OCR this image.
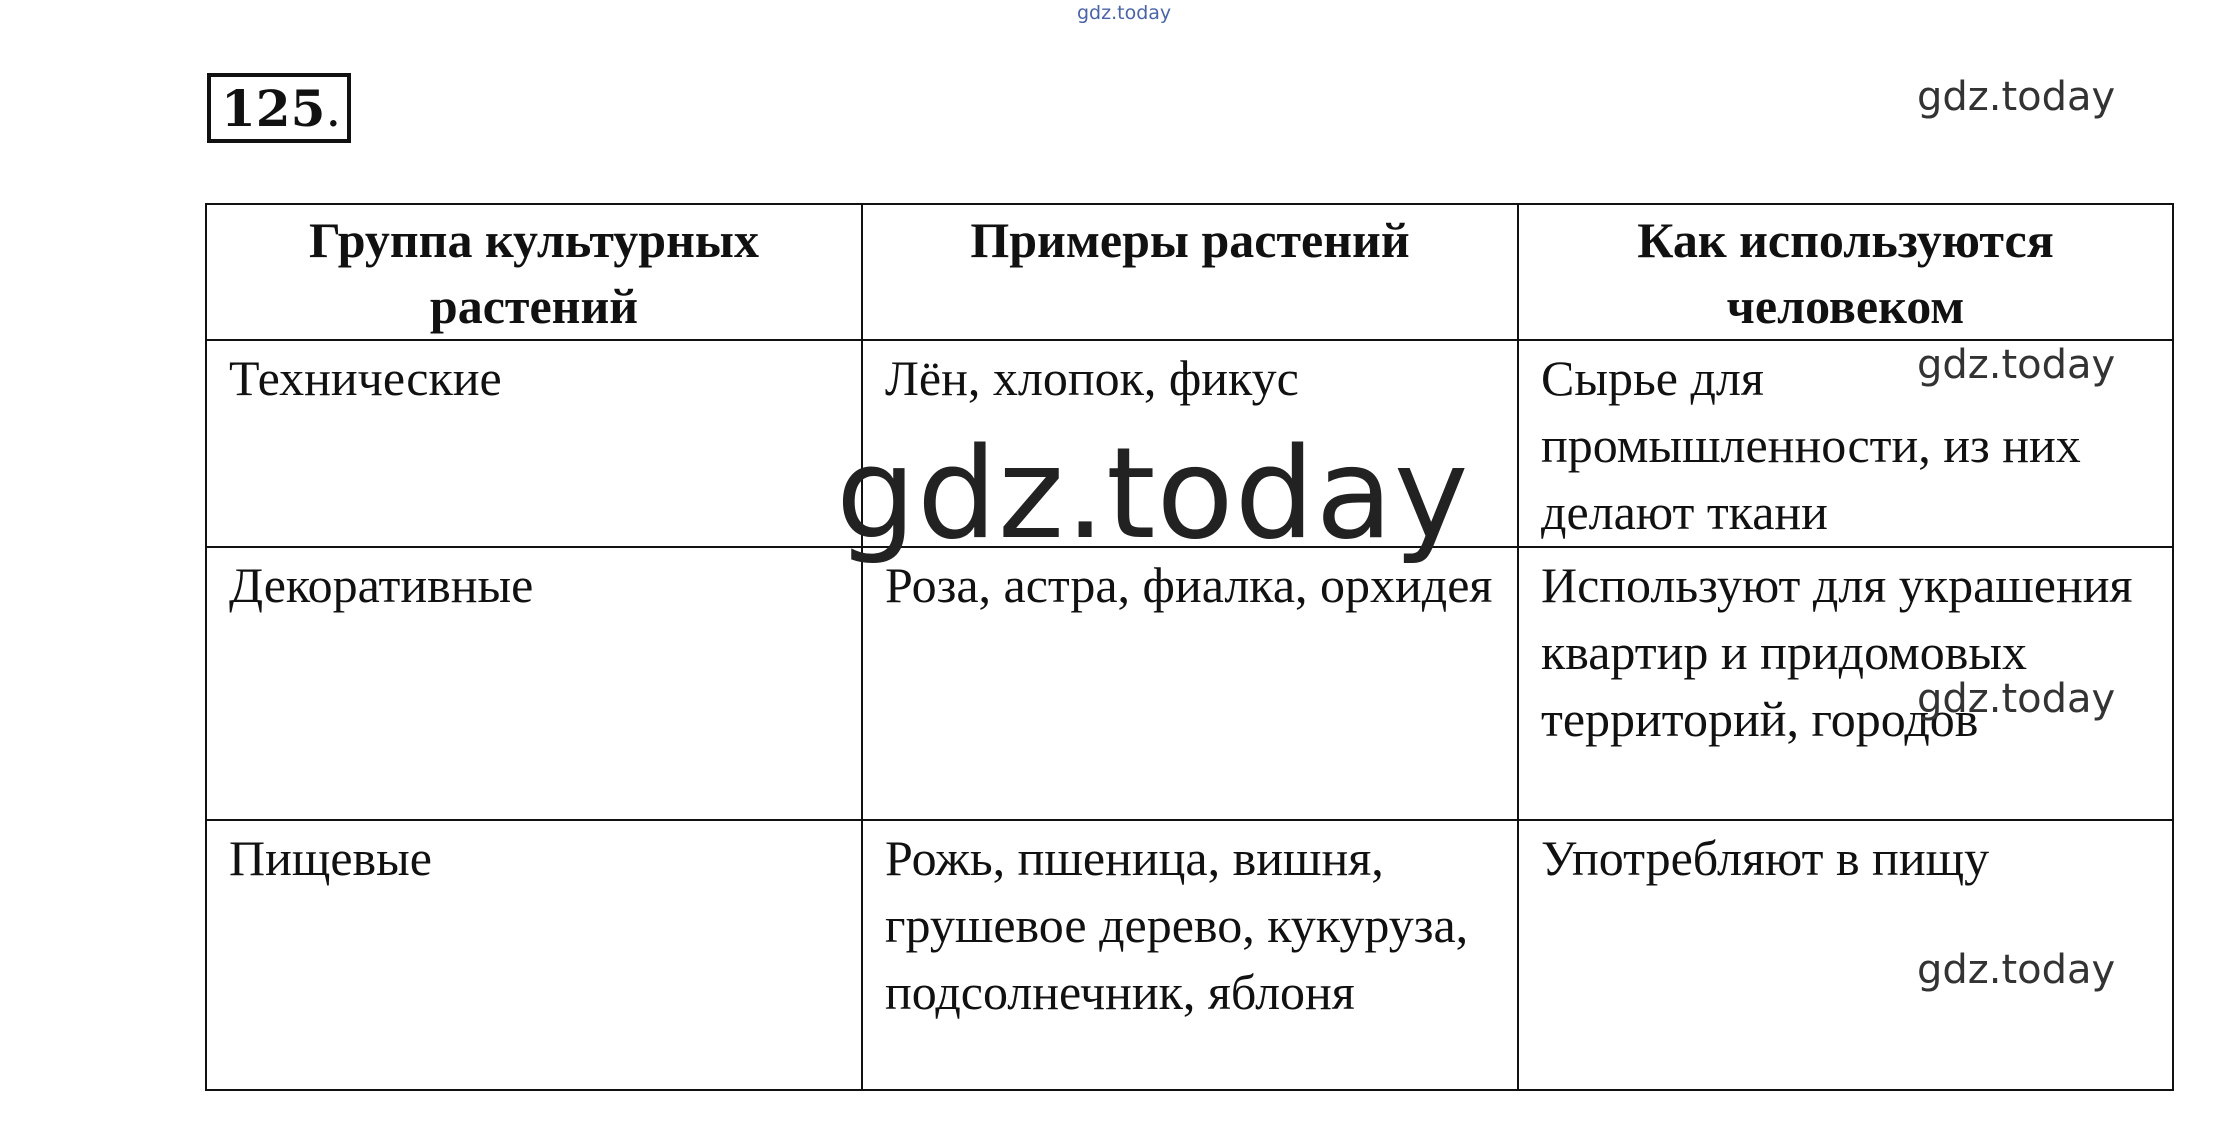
gdz.today
125.	gdz.today
Группа культурных растений	Примеры растений	Как используются человеком
Технические	Лён, хлопок, фикус	Сырье для промышленности, из них делают ткани
Декоративные	Роза, астра, фиалка, орхидея	Используют для украшения квартир и придомовых территорий, городов
Пищевые	Рожь, пшеница, вишня, грушевое дерево, кукуруза, подсолнечник, яблоня	Употребляют в пищу
gdz.today
gdz.today
gdz.today
gdz.today
